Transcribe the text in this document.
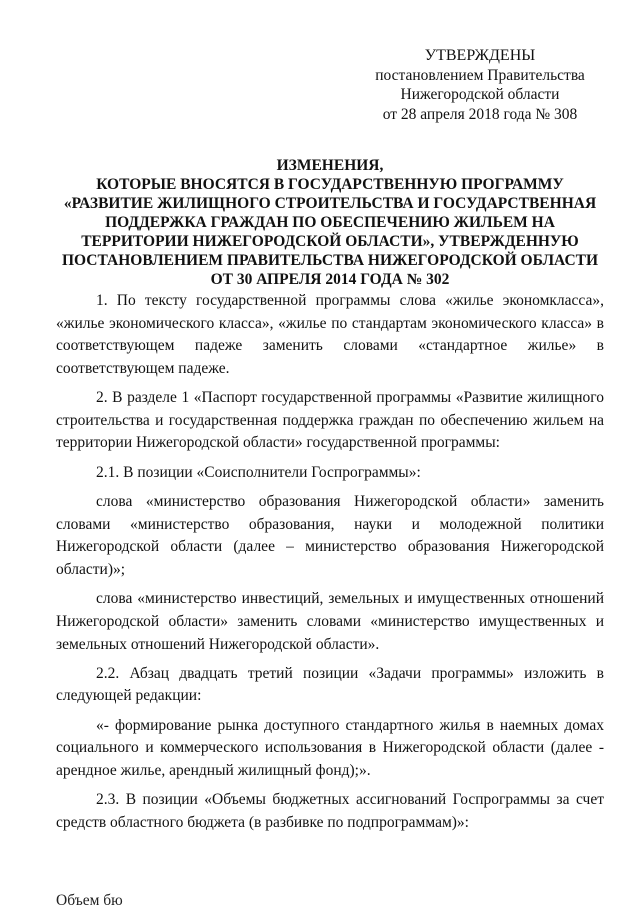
УТВЕРЖДЕНЫ
постановлением Правительства
Нижегородской области
от 28 апреля 2018 года № 308
ИЗМЕНЕНИЯ,
КОТОРЫЕ ВНОСЯТСЯ В ГОСУДАРСТВЕННУЮ ПРОГРАММУ
«РАЗВИТИЕ ЖИЛИЩНОГО СТРОИТЕЛЬСТВА И ГОСУДАРСТВЕННАЯ
ПОДДЕРЖКА ГРАЖДАН ПО ОБЕСПЕЧЕНИЮ ЖИЛЬЕМ НА
ТЕРРИТОРИИ НИЖЕГОРОДСКОЙ ОБЛАСТИ», УТВЕРЖДЕННУЮ
ПОСТАНОВЛЕНИЕМ ПРАВИТЕЛЬСТВА НИЖЕГОРОДСКОЙ ОБЛАСТИ
ОТ 30 АПРЕЛЯ 2014 ГОДА № 302

1. По тексту государственной программы слова «жилье экономкласса», «жилье экономического класса», «жилье по стандартам экономического класса» в соответствующем падеже заменить словами «стандартное жилье» в соответствующем падеже.

2. В разделе 1 «Паспорт государственной программы «Развитие жилищного строительства и государственная поддержка граждан по обеспечению жильем на территории Нижегородской области» государственной программы:

2.1. В позиции «Соисполнители Госпрограммы»:

слова «министерство образования Нижегородской области» заменить словами «министерство образования, науки и молодежной политики Нижегородской области (далее – министерство образования Нижегородской области)»;

слова «министерство инвестиций, земельных и имущественных отношений Нижегородской области» заменить словами «министерство имущественных и земельных отношений Нижегородской области».

2.2. Абзац двадцать третий позиции «Задачи программы» изложить в следующей редакции:

«- формирование рынка доступного стандартного жилья в наемных домах социального и коммерческого использования в Нижегородской области (далее - арендное жилье, арендный жилищный фонд);».

2.3. В позиции «Объемы бюджетных ассигнований Госпрограммы за счет средств областного бюджета (в разбивке по подпрограммам)»:

Объем бю
